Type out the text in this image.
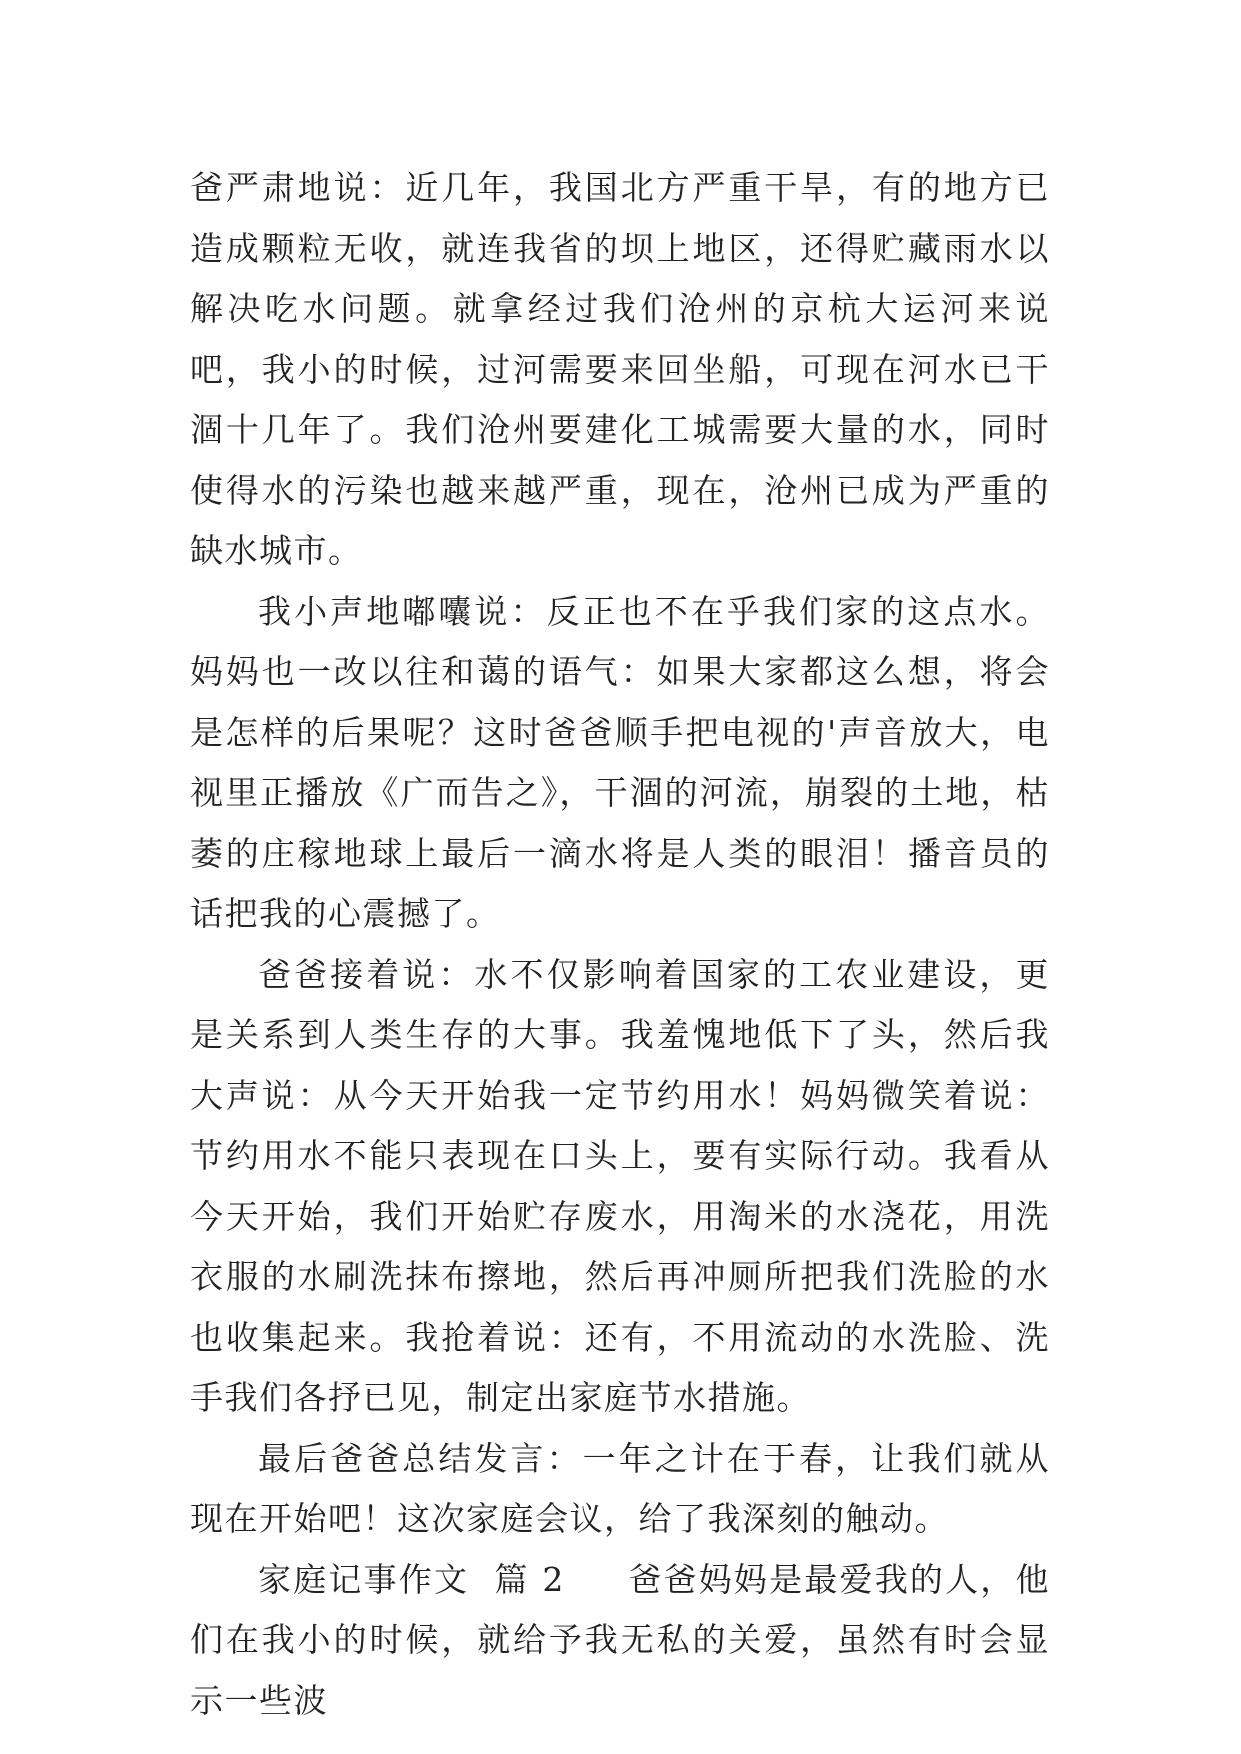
爸严肃地说：近几年，我国北方严重干旱，有的地方已造成颗粒无收，就连我省的坝上地区，还得贮藏雨水以解决吃水问题。就拿经过我们沧州的京杭大运河来说吧，我小的时候，过河需要来回坐船，可现在河水已干涸十几年了。我们沧州要建化工城需要大量的水，同时使得水的污染也越来越严重，现在，沧州已成为严重的缺水城市。

我小声地嘟囔说：反正也不在乎我们家的这点水。妈妈也一改以往和蔼的语气：如果大家都这么想，将会是怎样的后果呢？这时爸爸顺手把电视的'声音放大，电视里正播放《广而告之》，干涸的河流，崩裂的土地，枯萎的庄稼地球上最后一滴水将是人类的眼泪！播音员的话把我的心震撼了。

爸爸接着说：水不仅影响着国家的工农业建设，更是关系到人类生存的大事。我羞愧地低下了头，然后我大声说：从今天开始我一定节约用水！妈妈微笑着说：节约用水不能只表现在口头上，要有实际行动。我看从今天开始，我们开始贮存废水，用淘米的水浇花，用洗衣服的水刷洗抹布擦地，然后再冲厕所把我们洗脸的水也收集起来。我抢着说：还有，不用流动的水洗脸、洗手我们各抒已见，制定出家庭节水措施。

最后爸爸总结发言：一年之计在于春，让我们就从现在开始吧！这次家庭会议，给了我深刻的触动。

家庭记事作文  篇 2     爸爸妈妈是最爱我的人，他们在我小的时候，就给予我无私的关爱，虽然有时会显示一些波
